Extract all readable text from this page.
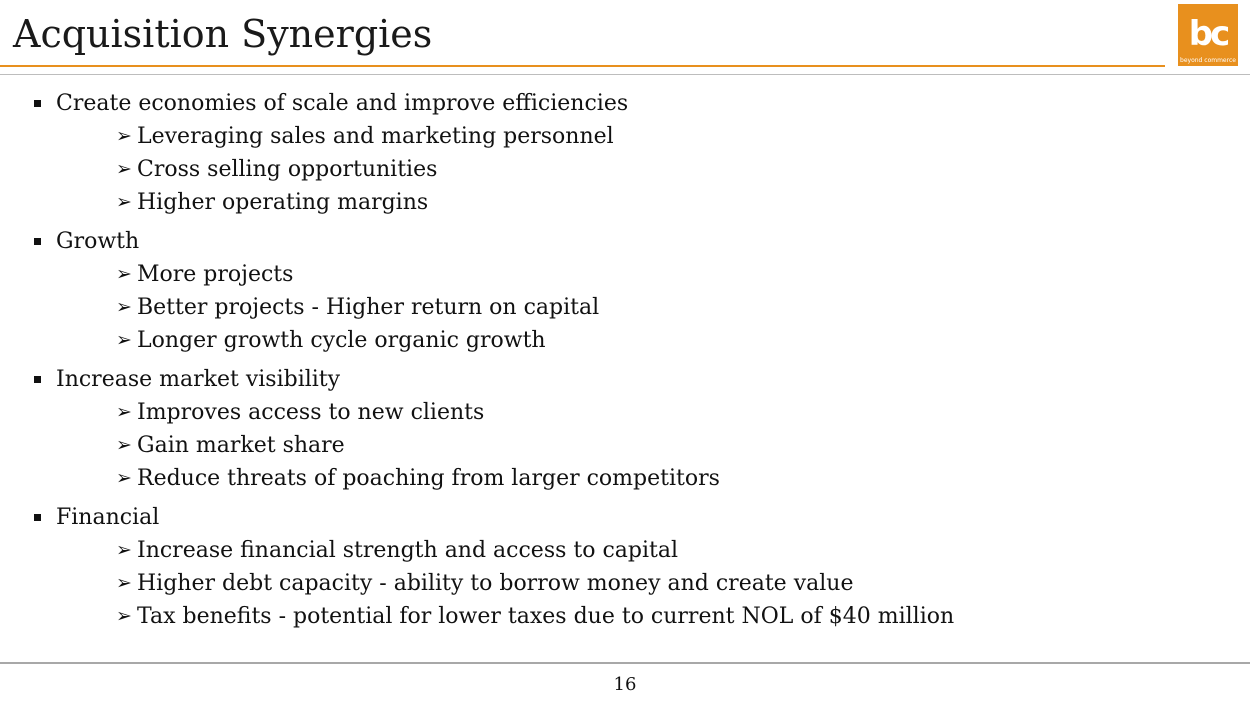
Acquisition Synergies	bc
beyond commerce
Create economies of scale and improve efficiencies
➢ Leveraging sales and marketing personnel
➢ Cross selling opportunities
➢ Higher operating margins
Growth
➢ More projects
➢ Better projects - Higher return on capital
➢ Longer growth cycle organic growth
Increase market visibility
➢ Improves access to new clients
➢ Gain market share
➢ Reduce threats of poaching from larger competitors
Financial
➢ Increase financial strength and access to capital
➢ Higher debt capacity - ability to borrow money and create value
➢ Tax benefits - potential for lower taxes due to current NOL of $40 million
16
